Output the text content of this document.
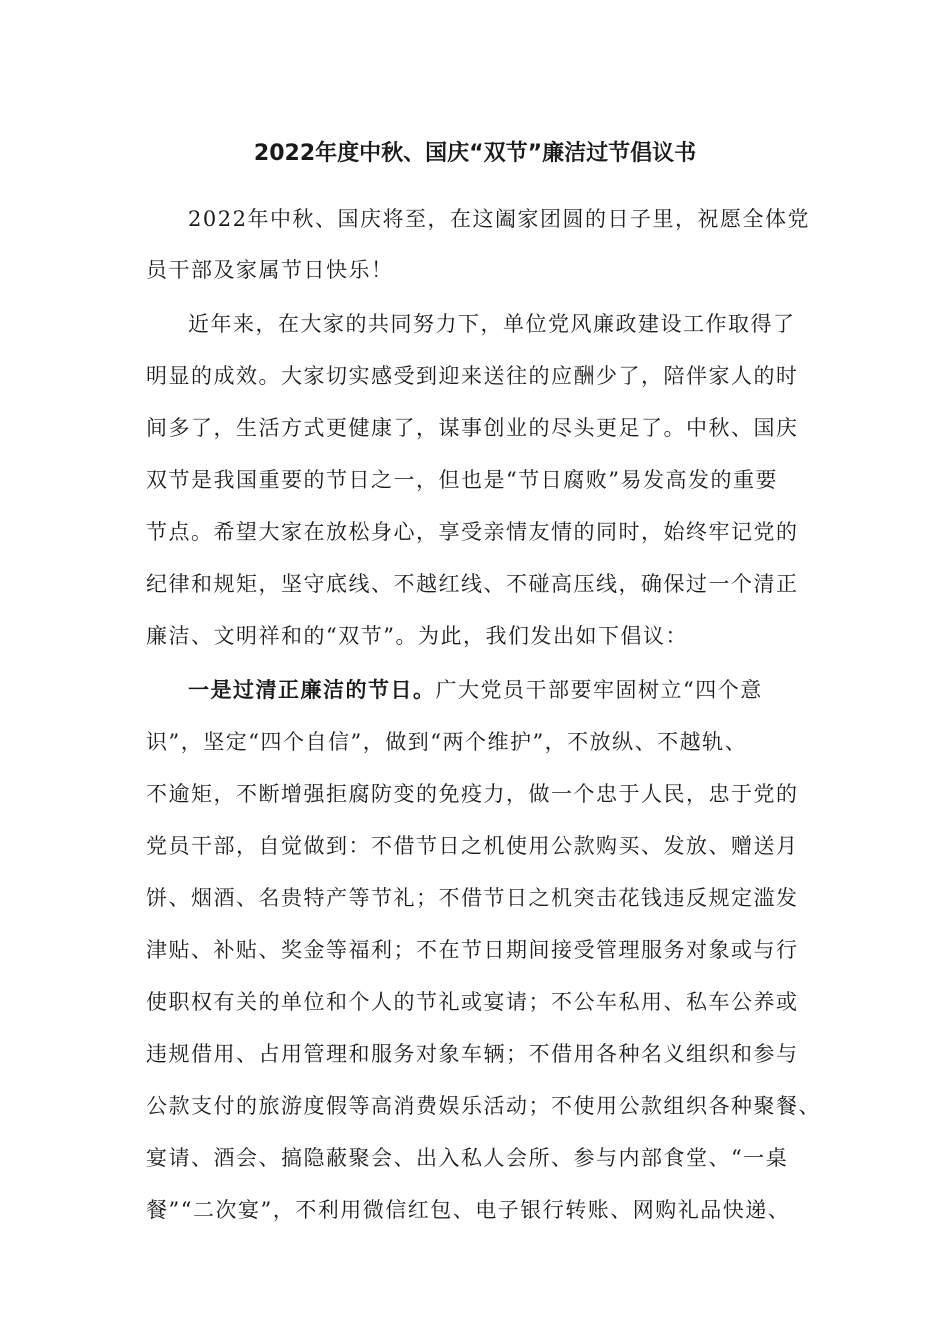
2022年度中秋、国庆“双节”廉洁过节倡议书
2022年中秋、国庆将至，在这阖家团圆的日子里，祝愿全体党
员干部及家属节日快乐！
近年来，在大家的共同努力下，单位党风廉政建设工作取得了
明显的成效。大家切实感受到迎来送往的应酬少了，陪伴家人的时
间多了，生活方式更健康了，谋事创业的尽头更足了。中秋、国庆
双节是我国重要的节日之一，但也是“节日腐败”易发高发的重要
节点。希望大家在放松身心，享受亲情友情的同时，始终牢记党的
纪律和规矩，坚守底线、不越红线、不碰高压线，确保过一个清正
廉洁、文明祥和的“双节”。为此，我们发出如下倡议：
一是过清正廉洁的节日。广大党员干部要牢固树立“四个意
识”，坚定“四个自信”，做到“两个维护”，不放纵、不越轨、
不逾矩，不断增强拒腐防变的免疫力，做一个忠于人民，忠于党的
党员干部，自觉做到：不借节日之机使用公款购买、发放、赠送月
饼、烟酒、名贵特产等节礼；不借节日之机突击花钱违反规定滥发
津贴、补贴、奖金等福利；不在节日期间接受管理服务对象或与行
使职权有关的单位和个人的节礼或宴请；不公车私用、私车公养或
违规借用、占用管理和服务对象车辆；不借用各种名义组织和参与
公款支付的旅游度假等高消费娱乐活动；不使用公款组织各种聚餐、
宴请、酒会、搞隐蔽聚会、出入私人会所、参与内部食堂、“一桌
餐”“二次宴”，不利用微信红包、电子银行转账、网购礼品快递、
